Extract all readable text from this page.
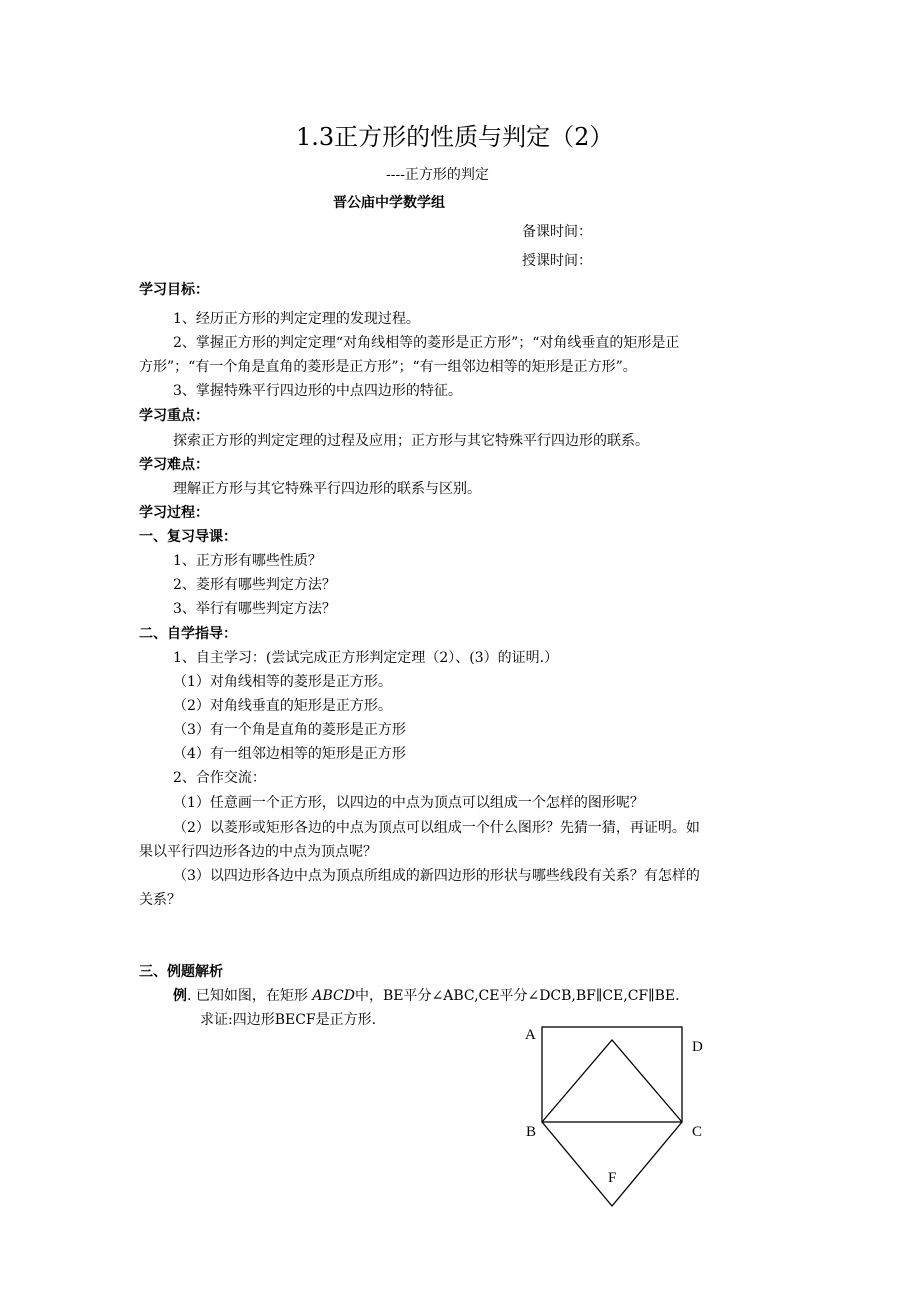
1.3正方形的性质与判定（2）
----正方形的判定
晋公庙中学数学组
备课时间：
授课时间：
学习目标：
1、经历正方形的判定定理的发现过程。
2、掌握正方形的判定定理“对角线相等的菱形是正方形”；“对角线垂直的矩形是正
方形”；“有一个角是直角的菱形是正方形”；“有一组邻边相等的矩形是正方形”。
3、掌握特殊平行四边形的中点四边形的特征。
学习重点：
探索正方形的判定定理的过程及应用；正方形与其它特殊平行四边形的联系。
学习难点：
理解正方形与其它特殊平行四边形的联系与区别。
学习过程：
一、复习导课：
1、正方形有哪些性质？
2、菱形有哪些判定方法？
3、举行有哪些判定方法？
二、自学指导：
1、自主学习：(尝试完成正方形判定定理（2）、(3）的证明.）
（1）对角线相等的菱形是正方形。
（2）对角线垂直的矩形是正方形。
（3）有一个角是直角的菱形是正方形
（4）有一组邻边相等的矩形是正方形
2、合作交流：
（1）任意画一个正方形，以四边的中点为顶点可以组成一个怎样的图形呢？
（2）以菱形或矩形各边的中点为顶点可以组成一个什么图形？先猜一猜，再证明。如
果以平行四边形各边的中点为顶点呢？
（3）以四边形各边中点为顶点所组成的新四边形的形状与哪些线段有关系？有怎样的
关系？
三、例题解析
例. 已知如图，在矩形 ABCD中，BE平分∠ABC,CE平分∠DCB,BF∥CE,CF∥BE.
求证:四边形BECF是正方形.
A
D
B	C
F
